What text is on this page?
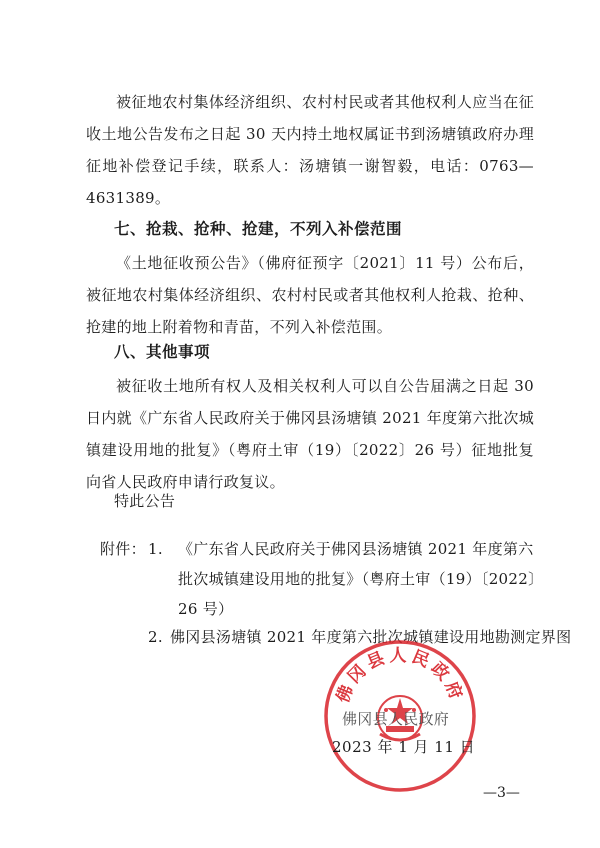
被征地农村集体经济组织、农村村民或者其他权利人应当在征收土地公告发布之日起 30 天内持土地权属证书到汤塘镇政府办理征地补偿登记手续，联系人：汤塘镇一谢智毅，电话：0763—4631389。

七、抢栽、抢种、抢建，不列入补偿范围

《土地征收预公告》（佛府征预字〔2021〕11 号）公布后，被征地农村集体经济组织、农村村民或者其他权利人抢栽、抢种、抢建的地上附着物和青苗，不列入补偿范围。

八、其他事项

被征收土地所有权人及相关权利人可以自公告届满之日起 30 日内就《广东省人民政府关于佛冈县汤塘镇 2021 年度第六批次城镇建设用地的批复》（粤府土审（19）〔2022〕26 号）征地批复向省人民政府申请行政复议。

特此公告
附件： 1. 《广东省人民政府关于佛冈县汤塘镇 2021 年度第六
批次城镇建设用地的批复》（粤府土审（19）〔2022〕
26 号）
2. 佛冈县汤塘镇 2021 年度第六批次城镇建设用地勘测定界图
佛冈县人民政府
佛冈县人民政府
2023 年 1 月 11 日
—3—
